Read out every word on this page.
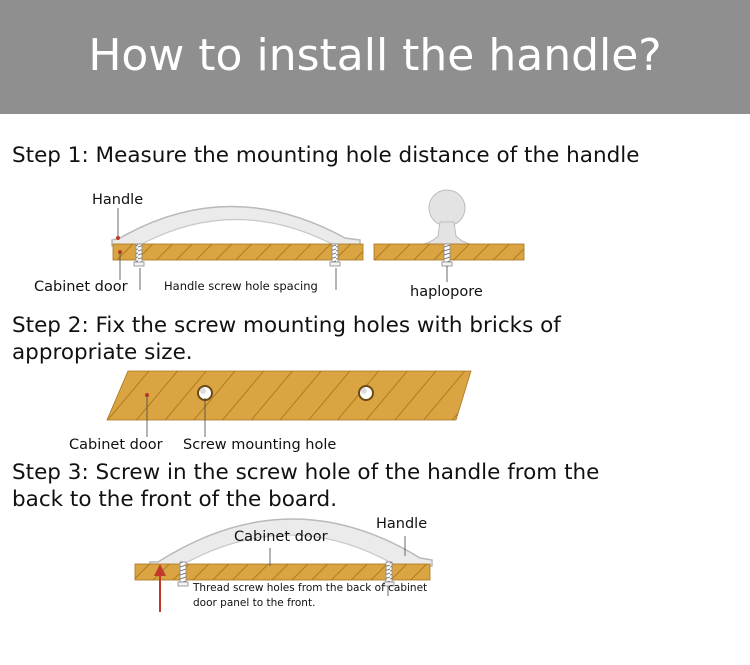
How to install the handle?
Step 1: Measure the mounting hole distance of the handle
Handle
Cabinet door	Handle screw hole spacing	haplopore
Step 2: Fix the screw mounting holes with bricks of
appropriate size.
Cabinet door Screw mounting hole
Step 3: Screw in the screw hole of the handle from the
back to the front of the board.
Handle
Cabinet door
Thread screw holes from the back of cabinet
door panel to the front.
